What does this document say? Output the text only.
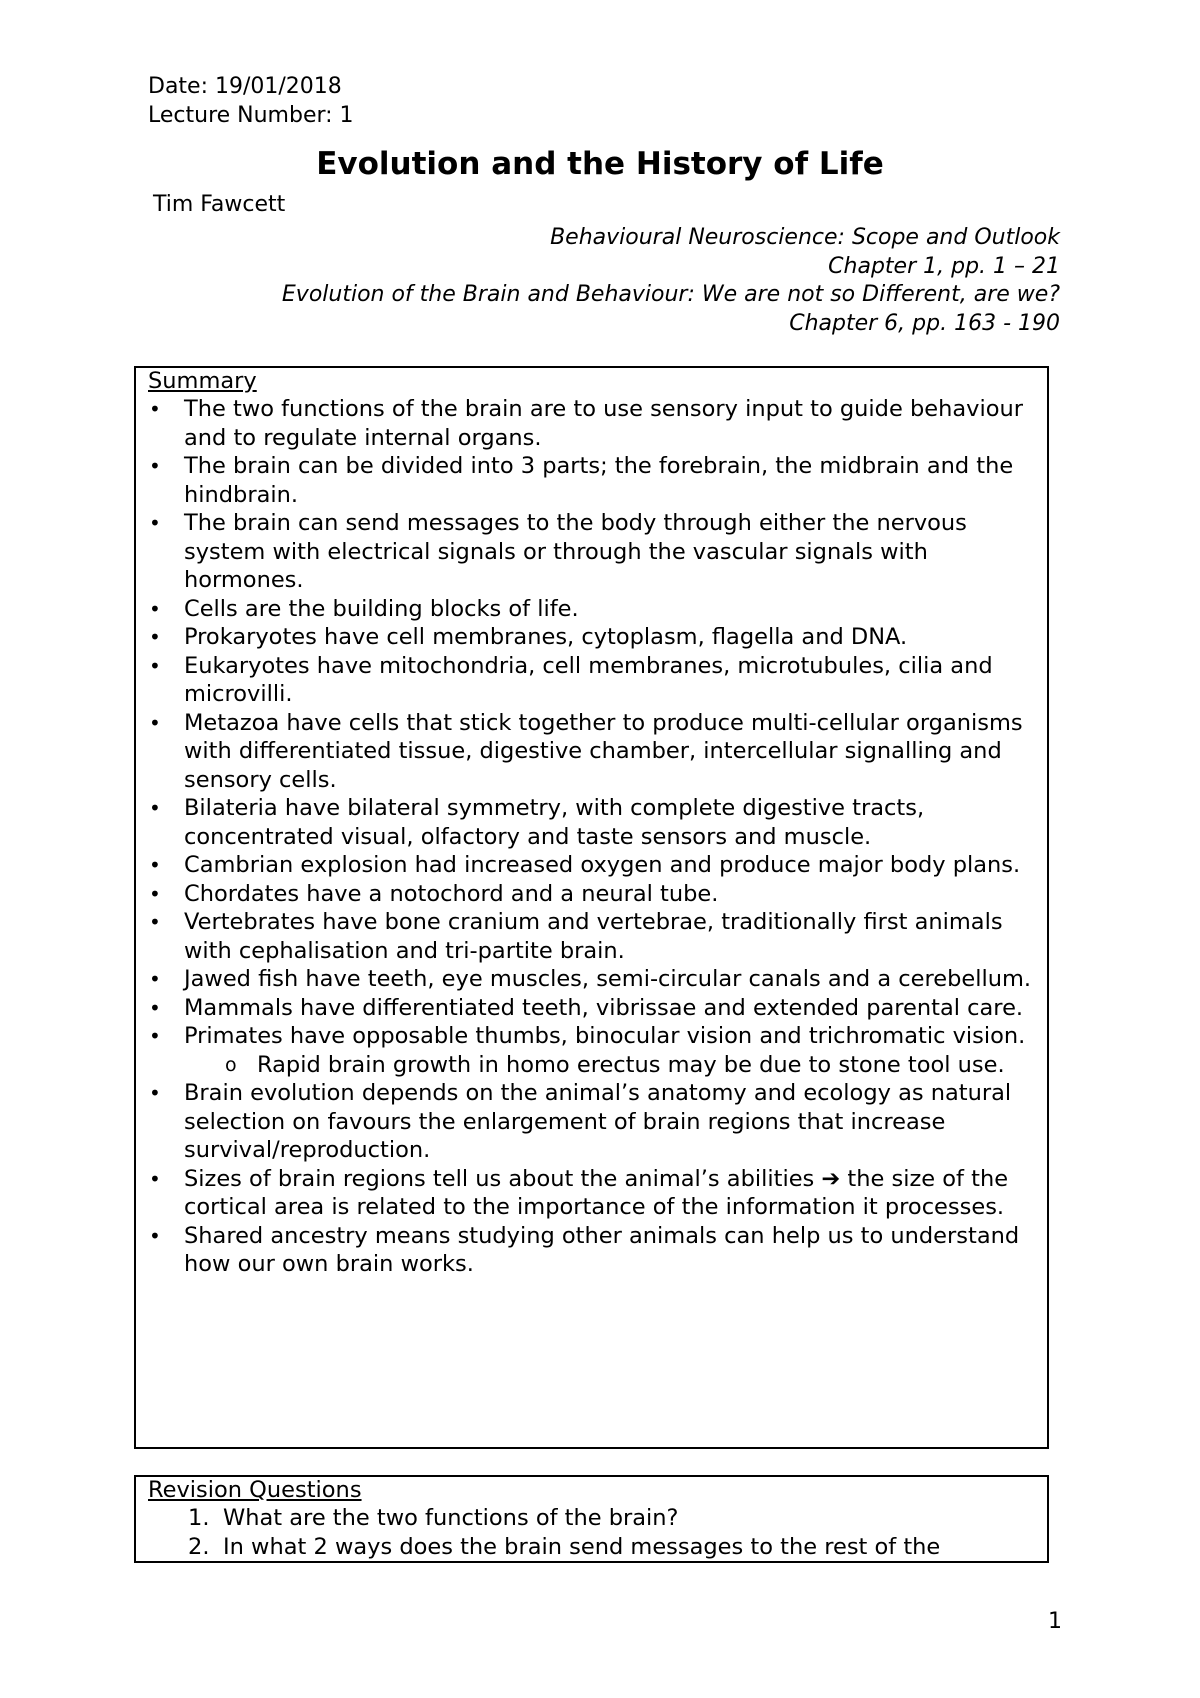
Date: 19/01/2018
Lecture Number: 1
Evolution and the History of Life
Tim Fawcett
Behavioural Neuroscience: Scope and Outlook
Chapter 1, pp. 1 – 21
Evolution of the Brain and Behaviour: We are not so Different, are we?
Chapter 6, pp. 163 - 190
Summary
• The two functions of the brain are to use sensory input to guide behaviour and to regulate internal organs.
• The brain can be divided into 3 parts; the forebrain, the midbrain and the hindbrain.
• The brain can send messages to the body through either the nervous system with electrical signals or through the vascular signals with hormones.
• Cells are the building blocks of life.
• Prokaryotes have cell membranes, cytoplasm, flagella and DNA.
• Eukaryotes have mitochondria, cell membranes, microtubules, cilia and microvilli.
• Metazoa have cells that stick together to produce multi-cellular organisms with differentiated tissue, digestive chamber, intercellular signalling and sensory cells.
• Bilateria have bilateral symmetry, with complete digestive tracts, concentrated visual, olfactory and taste sensors and muscle.
• Cambrian explosion had increased oxygen and produce major body plans.
• Chordates have a notochord and a neural tube.
• Vertebrates have bone cranium and vertebrae, traditionally first animals with cephalisation and tri-partite brain.
• Jawed fish have teeth, eye muscles, semi-circular canals and a cerebellum.
• Mammals have differentiated teeth, vibrissae and extended parental care.
• Primates have opposable thumbs, binocular vision and trichromatic vision.
o Rapid brain growth in homo erectus may be due to stone tool use.
• Brain evolution depends on the animal’s anatomy and ecology as natural selection on favours the enlargement of brain regions that increase survival/reproduction.
• Sizes of brain regions tell us about the animal’s abilities ➔ the size of the cortical area is related to the importance of the information it processes.
• Shared ancestry means studying other animals can help us to understand how our own brain works.
Revision Questions
1. What are the two functions of the brain?
2. In what 2 ways does the brain send messages to the rest of the
1
